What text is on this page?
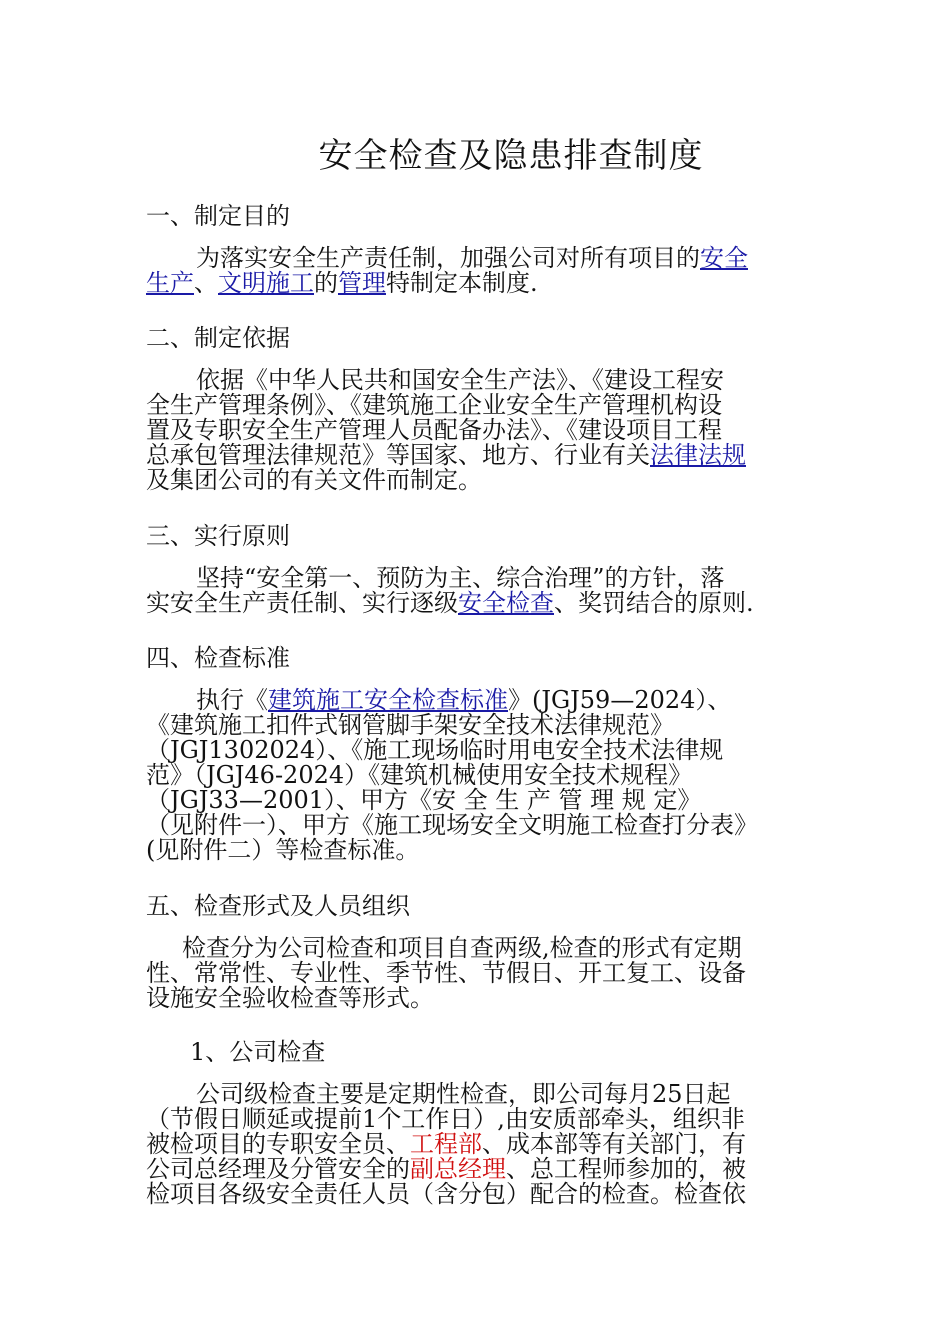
安全检查及隐患排查制度
一、制定目的
为落实安全生产责任制，加强公司对所有项目的安全
生产、文明施工的管理特制定本制度.
二、制定依据
依据《中华人民共和国安全生产法》、《建设工程安
全生产管理条例》、《建筑施工企业安全生产管理机构设
置及专职安全生产管理人员配备办法》、《建设项目工程
总承包管理法律规范》等国家、地方、行业有关法律法规
及集团公司的有关文件而制定。
三、实行原则
坚持“安全第一、预防为主、综合治理”的方针，落
实安全生产责任制、实行逐级安全检查、奖罚结合的原则.
四、检查标准
执行《建筑施工安全检查标准》(JGJ59—2024）、
《建筑施工扣件式钢管脚手架安全技术法律规范》
（JGJ1302024）、《施工现场临时用电安全技术法律规
范》（JGJ46-2024）《建筑机械使用安全技术规程》
（JGJ33—2001）、甲方《安 全 生 产 管 理 规 定》
（见附件一）、甲方《施工现场安全文明施工检查打分表》
(见附件二）等检查标准。
五、检查形式及人员组织
检查分为公司检查和项目自查两级,检查的形式有定期
性、常常性、专业性、季节性、节假日、开工复工、设备
设施安全验收检查等形式。
1、公司检查
公司级检查主要是定期性检查，即公司每月25日起
（节假日顺延或提前1个工作日）,由安质部牵头，组织非
被检项目的专职安全员、工程部、成本部等有关部门，有
公司总经理及分管安全的副总经理、总工程师参加的，被
检项目各级安全责任人员（含分包）配合的检查。检查依
